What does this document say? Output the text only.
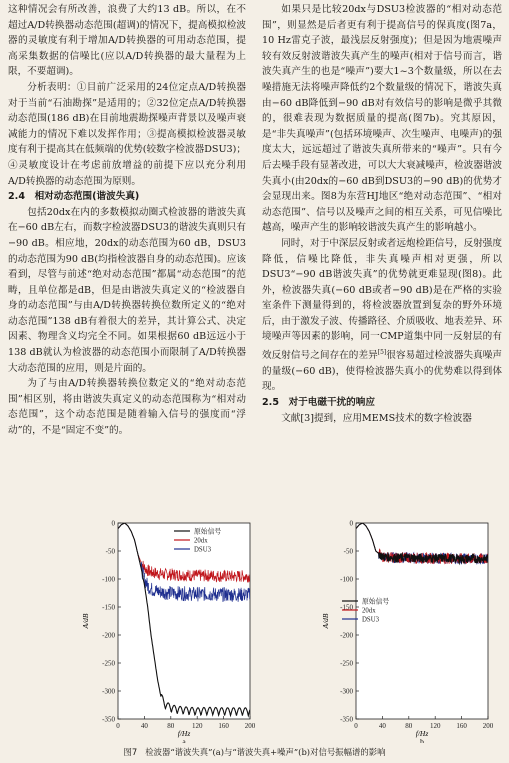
这种情况会有所改善，浪费了大约13 dB。所以，在不超过A/D转换器动态范围(超调)的情况下，提高模拟检波器的灵敏度有利于增加A/D转换器的可用动态范围，提高采集数据的信噪比(应以A/D转换器的最大量程为上限，不要超调)。

分析表明：①目前广泛采用的24位定点A/D转换器对于当前“石油勘探”是适用的；②32位定点A/D转换器动态范围(186 dB)在目前地震勘探噪声背景以及噪声衰减能力的情况下难以发挥作用；③提高模拟检波器灵敏度有利于提高其在低频端的优势(较数字检波器DSU3)；④灵敏度设计在考虑前放增益的前提下应以充分利用A/D转换器的动态范围为原则。

2.4　相对动态范围(谐波失真)

包括20dx在内的多数模拟动圈式检波器的谐波失真在−60 dB左右，而数字检波器DSU3的谐波失真则只有−90 dB。相应地，20dx的动态范围为60 dB，DSU3的动态范围为90 dB(均指检波器自身的动态范围)。应该看到，尽管与前述“绝对动态范围”都属“动态范围”的范畴，且单位都是dB，但是由谐波失真定义的“检波器自身的动态范围”与由A/D转换器转换位数所定义的“绝对动态范围”138 dB有着很大的差异，其计算公式、决定因素、物理含义均完全不同。如果根据60 dB远远小于138 dB就认为检波器的动态范围小而限制了A/D转换器大动态范围的应用，则是片面的。

为了与由A/D转换器转换位数定义的“绝对动态范围”相区别，将由谐波失真定义的动态范围称为“相对动态范围”，这个动态范围是随着输入信号的强度而“浮动”的，不是“固定不变”的。

如果只是比较20dx与DSU3检波器的“相对动态范围”，则显然是后者更有利于提高信号的保真度(图7a，10 Hz雷克子波，最浅层反射强度)；但是因为地震噪声较有效反射波谐波失真产生的噪声(相对于信号而言，谐波失真产生的也是“噪声”)要大1~3个数量级，所以在去噪措施无法将噪声降低约2个数量级的情况下，谐波失真由−60 dB降低到−90 dB对有效信号的影响是微乎其微的，很难表现为数据质量的提高(图7b)。究其原因，是“非失真噪声”(包括环境噪声、次生噪声、电噪声)的强度太大，远远超过了谐波失真所带来的“噪声”。只有今后去噪手段有显著改进，可以大大衰减噪声，检波器谐波失真小(由20dx的−60 dB到DSU3的−90 dB)的优势才会显现出来。图8为东营HJ地区“绝对动态范围”、“相对动态范围”、信号以及噪声之间的相互关系，可见信噪比越高，噪声产生的影响较谐波失真产生的影响越小。

同时，对于中深层反射或者远炮检距信号，反射强度降低，信噪比降低，非失真噪声相对更强，所以DSU3“−90 dB谐波失真”的优势就更难显现(图8)。此外，检波器失真(−60 dB或者−90 dB)是在严格的实验室条件下测量得到的，将检波器放置到复杂的野外环境后，由于激发子波、传播路径、介质吸收、地表差异、环境噪声等因素的影响，同一CMP道集中同一反射层的有效反射信号之间存在的差异[5]很容易超过检波器失真噪声的量级(−60 dB)，使得检波器失真小的优势难以得到体现。

2.5　对于电磁干扰的响应

文献[3]提到，应用MEMS技术的数字检波器

0
-50
-100
-150
-200
-250
-300
-350
0	40	80	120 160 200
f/Hz
A/dB
a
原始信号
20dx
DSU3
0
-50
-100
-150
-200
-250
-300
-350
0	40	80	120 160 200
f/Hz
A/dB
b
原始信号
20dx
DSU3
图7 检波器“谐波失真”(a)与“谐波失真+噪声”(b)对信号振幅谱的影响
